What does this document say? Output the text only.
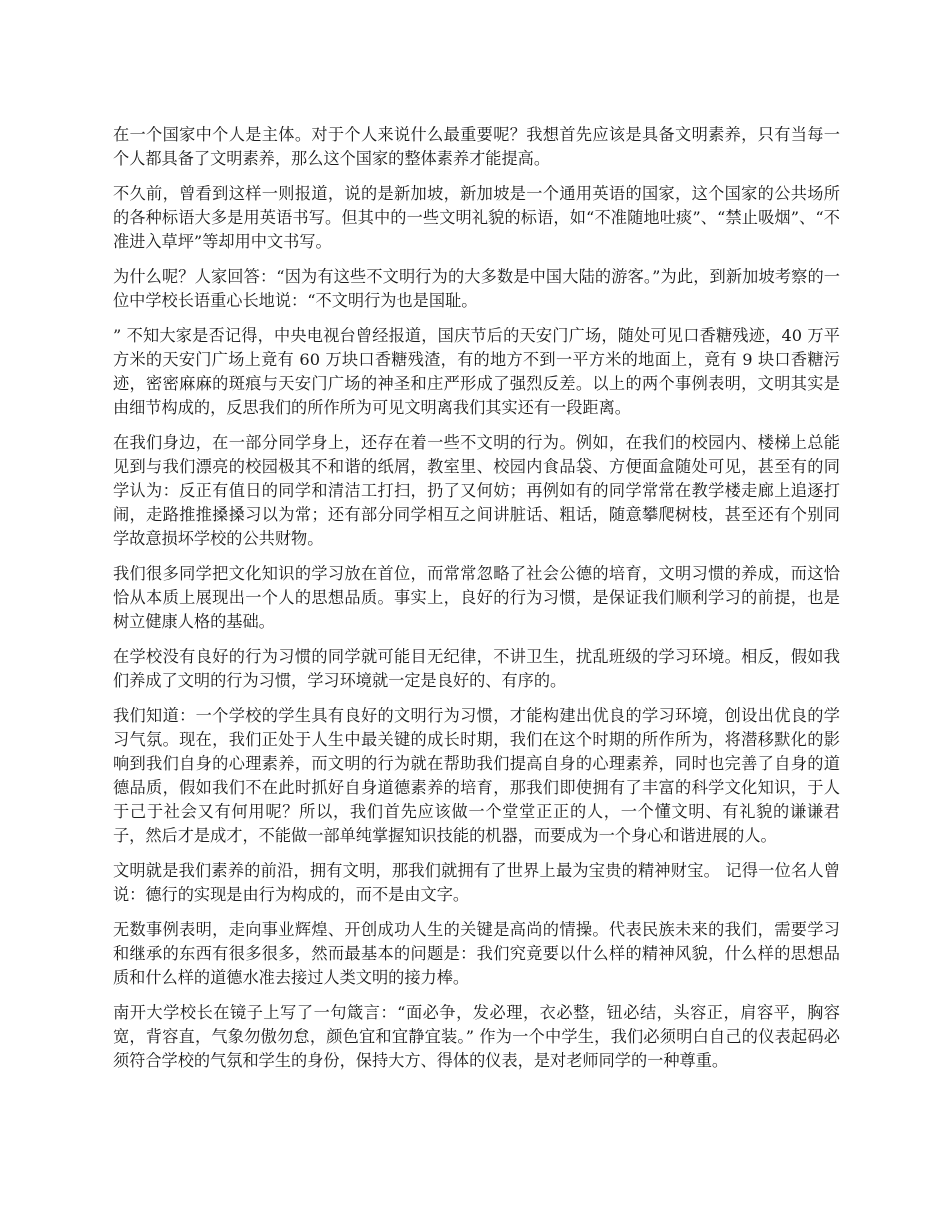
在一个国家中个人是主体。对于个人来说什么最重要呢？我想首先应该是具备文明素养，只有当每一个人都具备了文明素养，那么这个国家的整体素养才能提高。

不久前，曾看到这样一则报道，说的是新加坡，新加坡是一个通用英语的国家，这个国家的公共场所的各种标语大多是用英语书写。但其中的一些文明礼貌的标语，如“不准随地吐痰”、“禁止吸烟”、“不准进入草坪”等却用中文书写。

为什么呢？人家回答：“因为有这些不文明行为的大多数是中国大陆的游客。”为此，到新加坡考察的一位中学校长语重心长地说：“不文明行为也是国耻。

” 不知大家是否记得，中央电视台曾经报道，国庆节后的天安门广场，随处可见口香糖残迹，40 万平方米的天安门广场上竟有 60 万块口香糖残渣，有的地方不到一平方米的地面上，竟有 9 块口香糖污迹，密密麻麻的斑痕与天安门广场的神圣和庄严形成了强烈反差。以上的两个事例表明，文明其实是由细节构成的，反思我们的所作所为可见文明离我们其实还有一段距离。

在我们身边，在一部分同学身上，还存在着一些不文明的行为。例如，在我们的校园内、楼梯上总能见到与我们漂亮的校园极其不和谐的纸屑，教室里、校园内食品袋、方便面盒随处可见，甚至有的同学认为：反正有值日的同学和清洁工打扫，扔了又何妨；再例如有的同学常常在教学楼走廊上追逐打闹，走路推推搡搡习以为常；还有部分同学相互之间讲脏话、粗话，随意攀爬树枝，甚至还有个别同学故意损坏学校的公共财物。

我们很多同学把文化知识的学习放在首位，而常常忽略了社会公德的培育，文明习惯的养成，而这恰恰从本质上展现出一个人的思想品质。事实上，良好的行为习惯，是保证我们顺利学习的前提，也是树立健康人格的基础。

在学校没有良好的行为习惯的同学就可能目无纪律，不讲卫生，扰乱班级的学习环境。相反，假如我们养成了文明的行为习惯，学习环境就一定是良好的、有序的。

我们知道：一个学校的学生具有良好的文明行为习惯，才能构建出优良的学习环境，创设出优良的学习气氛。现在，我们正处于人生中最关键的成长时期，我们在这个时期的所作所为，将潜移默化的影响到我们自身的心理素养，而文明的行为就在帮助我们提高自身的心理素养，同时也完善了自身的道德品质，假如我们不在此时抓好自身道德素养的培育，那我们即使拥有了丰富的科学文化知识，于人于己于社会又有何用呢？所以，我们首先应该做一个堂堂正正的人，一个懂文明、有礼貌的谦谦君子，然后才是成才，不能做一部单纯掌握知识技能的机器，而要成为一个身心和谐进展的人。

文明就是我们素养的前沿，拥有文明，那我们就拥有了世界上最为宝贵的精神财宝。 记得一位名人曾说：德行的实现是由行为构成的，而不是由文字。

无数事例表明，走向事业辉煌、开创成功人生的关键是高尚的情操。代表民族未来的我们，需要学习和继承的东西有很多很多，然而最基本的问题是：我们究竟要以什么样的精神风貌，什么样的思想品质和什么样的道德水准去接过人类文明的接力棒。

南开大学校长在镜子上写了一句箴言：“面必争，发必理，衣必整，钮必结，头容正，肩容平，胸容宽，背容直，气象勿傲勿怠，颜色宜和宜静宜装。” 作为一个中学生，我们必须明白自己的仪表起码必须符合学校的气氛和学生的身份，保持大方、得体的仪表，是对老师同学的一种尊重。
